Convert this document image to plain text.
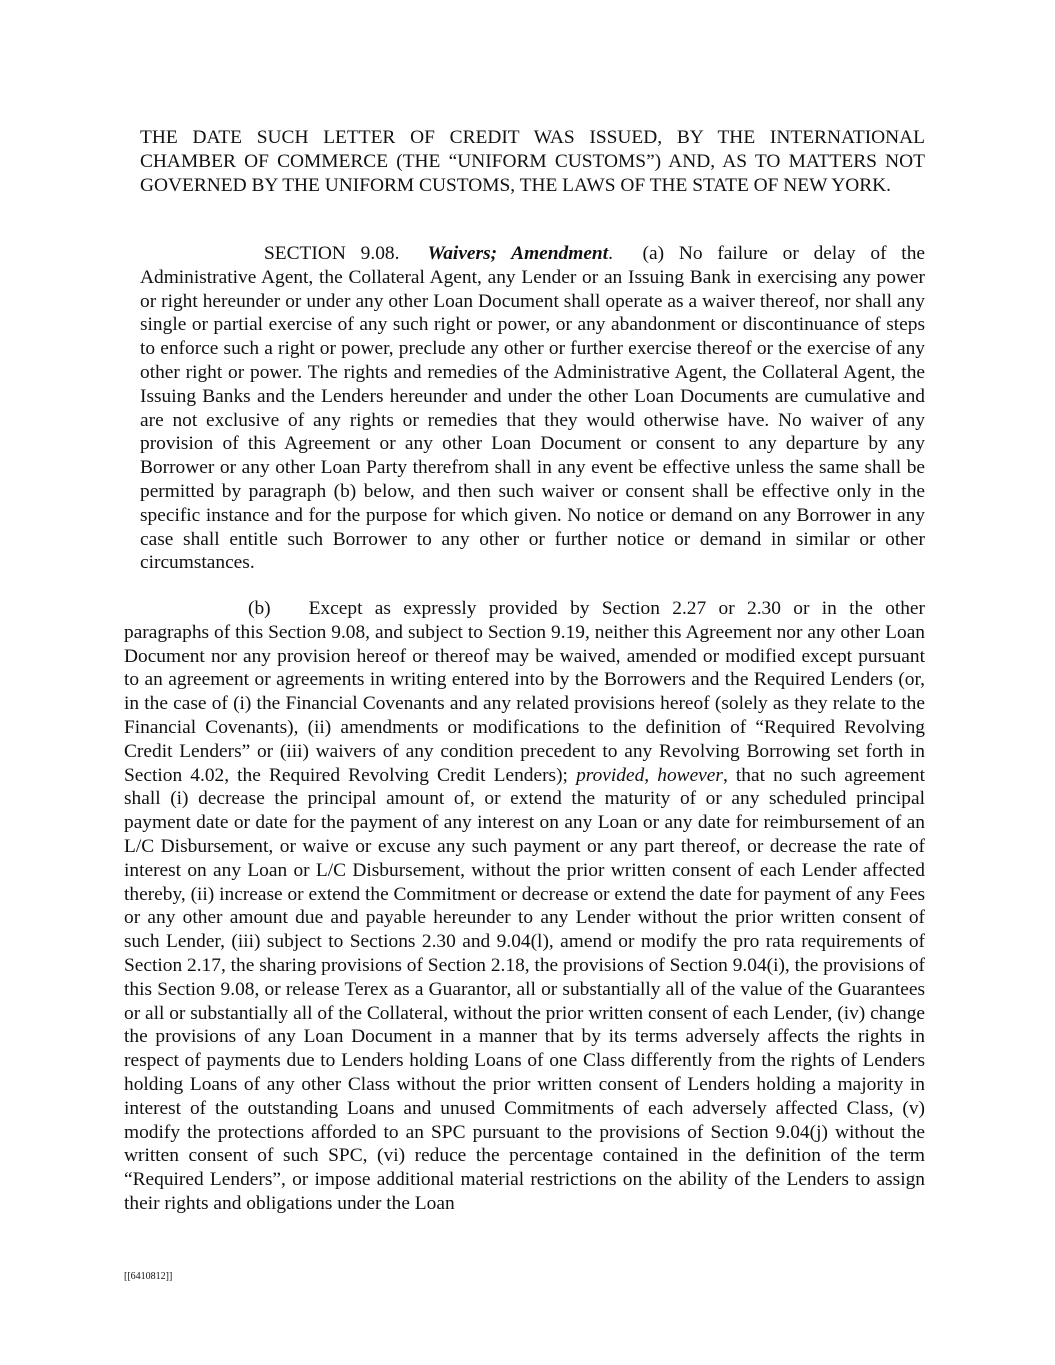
THE DATE SUCH LETTER OF CREDIT WAS ISSUED, BY THE INTERNATIONAL CHAMBER OF COMMERCE (THE “UNIFORM CUSTOMS”) AND, AS TO MATTERS NOT GOVERNED BY THE UNIFORM CUSTOMS, THE LAWS OF THE STATE OF NEW YORK.

SECTION 9.08. Waivers; Amendment. (a) No failure or delay of the Administrative Agent, the Collateral Agent, any Lender or an Issuing Bank in exercising any power or right hereunder or under any other Loan Document shall operate as a waiver thereof, nor shall any single or partial exercise of any such right or power, or any abandonment or discontinuance of steps to enforce such a right or power, preclude any other or further exercise thereof or the exercise of any other right or power. The rights and remedies of the Administrative Agent, the Collateral Agent, the Issuing Banks and the Lenders hereunder and under the other Loan Documents are cumulative and are not exclusive of any rights or remedies that they would otherwise have. No waiver of any provision of this Agreement or any other Loan Document or consent to any departure by any Borrower or any other Loan Party therefrom shall in any event be effective unless the same shall be permitted by paragraph (b) below, and then such waiver or consent shall be effective only in the specific instance and for the purpose for which given. No notice or demand on any Borrower in any case shall entitle such Borrower to any other or further notice or demand in similar or other circumstances.

(b) Except as expressly provided by Section 2.27 or 2.30 or in the other paragraphs of this Section 9.08, and subject to Section 9.19, neither this Agreement nor any other Loan Document nor any provision hereof or thereof may be waived, amended or modified except pursuant to an agreement or agreements in writing entered into by the Borrowers and the Required Lenders (or, in the case of (i) the Financial Covenants and any related provisions hereof (solely as they relate to the Financial Covenants), (ii) amendments or modifications to the definition of “Required Revolving Credit Lenders” or (iii) waivers of any condition precedent to any Revolving Borrowing set forth in Section 4.02, the Required Revolving Credit Lenders); provided, however, that no such agreement shall (i) decrease the principal amount of, or extend the maturity of or any scheduled principal payment date or date for the payment of any interest on any Loan or any date for reimbursement of an L/C Disbursement, or waive or excuse any such payment or any part thereof, or decrease the rate of interest on any Loan or L/C Disbursement, without the prior written consent of each Lender affected thereby, (ii) increase or extend the Commitment or decrease or extend the date for payment of any Fees or any other amount due and payable hereunder to any Lender without the prior written consent of such Lender, (iii) subject to Sections 2.30 and 9.04(l), amend or modify the pro rata requirements of Section 2.17, the sharing provisions of Section 2.18, the provisions of Section 9.04(i), the provisions of this Section 9.08, or release Terex as a Guarantor, all or substantially all of the value of the Guarantees or all or substantially all of the Collateral, without the prior written consent of each Lender, (iv) change the provisions of any Loan Document in a manner that by its terms adversely affects the rights in respect of payments due to Lenders holding Loans of one Class differently from the rights of Lenders holding Loans of any other Class without the prior written consent of Lenders holding a majority in interest of the outstanding Loans and unused Commitments of each adversely affected Class, (v) modify the protections afforded to an SPC pursuant to the provisions of Section 9.04(j) without the written consent of such SPC, (vi) reduce the percentage contained in the definition of the term “Required Lenders”, or impose additional material restrictions on the ability of the Lenders to assign their rights and obligations under the Loan

[[6410812]]
